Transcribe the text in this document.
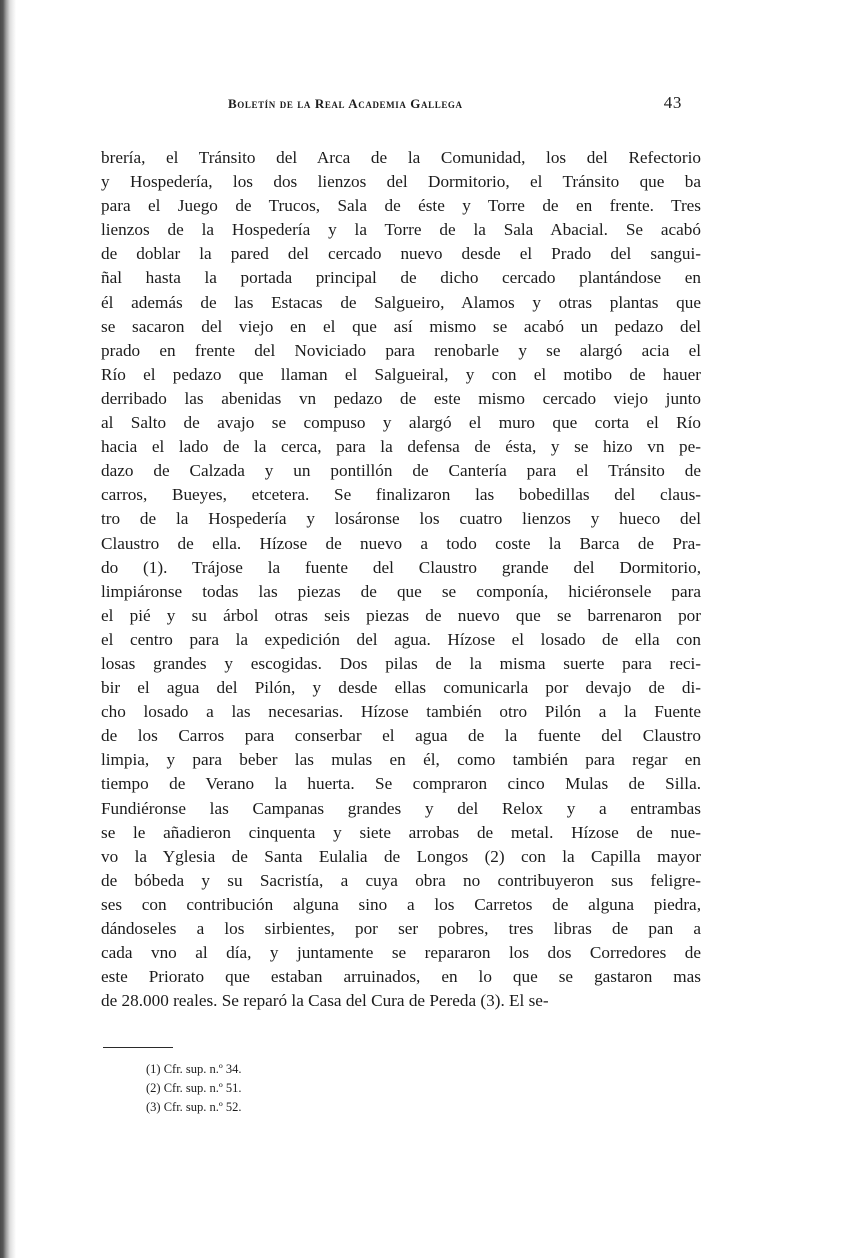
Boletín de la Real Academia Gallega	43
brería, el Tránsito del Arca de la Comunidad, los del Refectorio
y Hospedería, los dos lienzos del Dormitorio, el Tránsito que ba
para el Juego de Trucos, Sala de éste y Torre de en frente. Tres
lienzos de la Hospedería y la Torre de la Sala Abacial. Se acabó
de doblar la pared del cercado nuevo desde el Prado del sangui-
ñal hasta la portada principal de dicho cercado plantándose en
él además de las Estacas de Salgueiro, Alamos y otras plantas que
se sacaron del viejo en el que así mismo se acabó un pedazo del
prado en frente del Noviciado para renobarle y se alargó acia el
Río el pedazo que llaman el Salgueiral, y con el motibo de hauer
derribado las abenidas vn pedazo de este mismo cercado viejo junto
al Salto de avajo se compuso y alargó el muro que corta el Río
hacia el lado de la cerca, para la defensa de ésta, y se hizo vn pe-
dazo de Calzada y un pontillón de Cantería para el Tránsito de
carros, Bueyes, etcetera. Se finalizaron las bobedillas del claus-
tro de la Hospedería y losáronse los cuatro lienzos y hueco del
Claustro de ella. Hízose de nuevo a todo coste la Barca de Pra-
do (1). Trájose la fuente del Claustro grande del Dormitorio,
limpiáronse todas las piezas de que se componía, hiciéronsele para
el pié y su árbol otras seis piezas de nuevo que se barrenaron por
el centro para la expedición del agua. Hízose el losado de ella con
losas grandes y escogidas. Dos pilas de la misma suerte para reci-
bir el agua del Pilón, y desde ellas comunicarla por devajo de di-
cho losado a las necesarias. Hízose también otro Pilón a la Fuente
de los Carros para conserbar el agua de la fuente del Claustro
limpia, y para beber las mulas en él, como también para regar en
tiempo de Verano la huerta. Se compraron cinco Mulas de Silla.
Fundiéronse las Campanas grandes y del Relox y a entrambas
se le añadieron cinquenta y siete arrobas de metal. Hízose de nue-
vo la Yglesia de Santa Eulalia de Longos (2) con la Capilla mayor
de bóbeda y su Sacristía, a cuya obra no contribuyeron sus feligre-
ses con contribución alguna sino a los Carretos de alguna piedra,
dándoseles a los sirbientes, por ser pobres, tres libras de pan a
cada vno al día, y juntamente se repararon los dos Corredores de
este Priorato que estaban arruinados, en lo que se gastaron mas
de 28.000 reales. Se reparó la Casa del Cura de Pereda (3). El se-
(1) Cfr. sup. n.º 34.
(2) Cfr. sup. n.º 51.
(3) Cfr. sup. n.º 52.
